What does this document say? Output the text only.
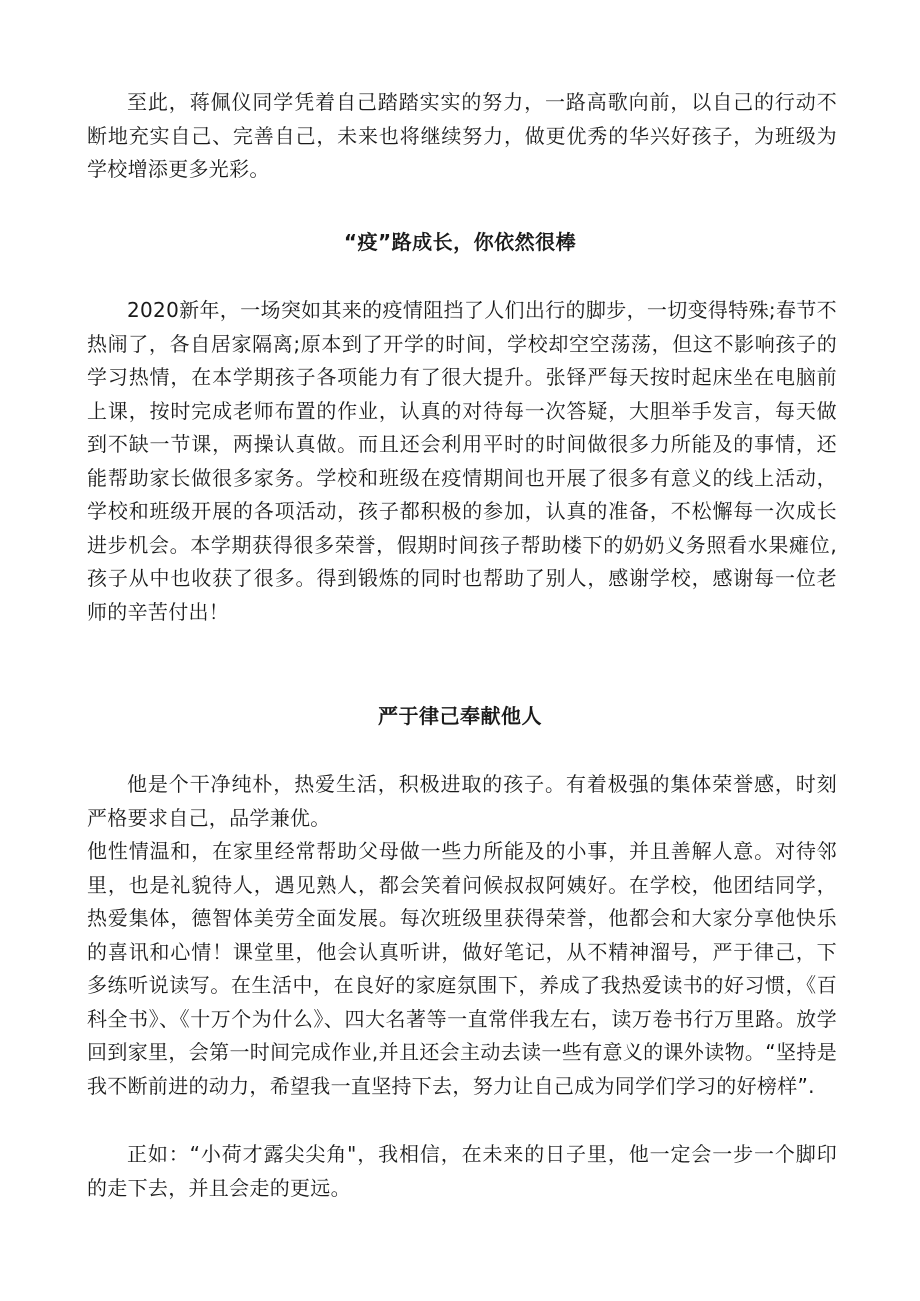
至此，蒋佩仪同学凭着自己踏踏实实的努力，一路高歌向前，以自己的行动不断地充实自己、完善自己，未来也将继续努力，做更优秀的华兴好孩子，为班级为学校增添更多光彩。

“疫”路成长，你依然很棒

2020新年，一场突如其来的疫情阻挡了人们出行的脚步，一切变得特殊;春节不热闹了，各自居家隔离;原本到了开学的时间，学校却空空荡荡，但这不影响孩子的学习热情，在本学期孩子各项能力有了很大提升。张铎严每天按时起床坐在电脑前上课，按时完成老师布置的作业，认真的对待每一次答疑，大胆举手发言，每天做到不缺一节课，两操认真做。而且还会利用平时的时间做很多力所能及的事情，还能帮助家长做很多家务。学校和班级在疫情期间也开展了很多有意义的线上活动，学校和班级开展的各项活动，孩子都积极的参加，认真的准备，不松懈每一次成长进步机会。本学期获得很多荣誉，假期时间孩子帮助楼下的奶奶义务照看水果瘫位,孩子从中也收获了很多。得到锻炼的同时也帮助了别人，感谢学校，感谢每一位老师的辛苦付出！

严于律己奉献他人

他是个干净纯朴，热爱生活，积极进取的孩子。有着极强的集体荣誉感，时刻严格要求自己，品学兼优。

他性情温和，在家里经常帮助父母做一些力所能及的小事，并且善解人意。对待邻里，也是礼貌待人，遇见熟人，都会笑着问候叔叔阿姨好。在学校，他团结同学，热爱集体，德智体美劳全面发展。每次班级里获得荣誉，他都会和大家分享他快乐的喜讯和心情！课堂里，他会认真听讲，做好笔记，从不精神溜号，严于律己，下多练听说读写。在生活中，在良好的家庭氛围下，养成了我热爱读书的好习惯，《百科全书》、《十万个为什么》、四大名著等一直常伴我左右，读万卷书行万里路。放学回到家里，会第一时间完成作业,并且还会主动去读一些有意义的课外读物。“坚持是我不断前进的动力，希望我一直坚持下去，努力让自己成为同学们学习的好榜样”.

正如：“小荷才露尖尖角"，我相信，在未来的日子里，他一定会一步一个脚印的走下去，并且会走的更远。
